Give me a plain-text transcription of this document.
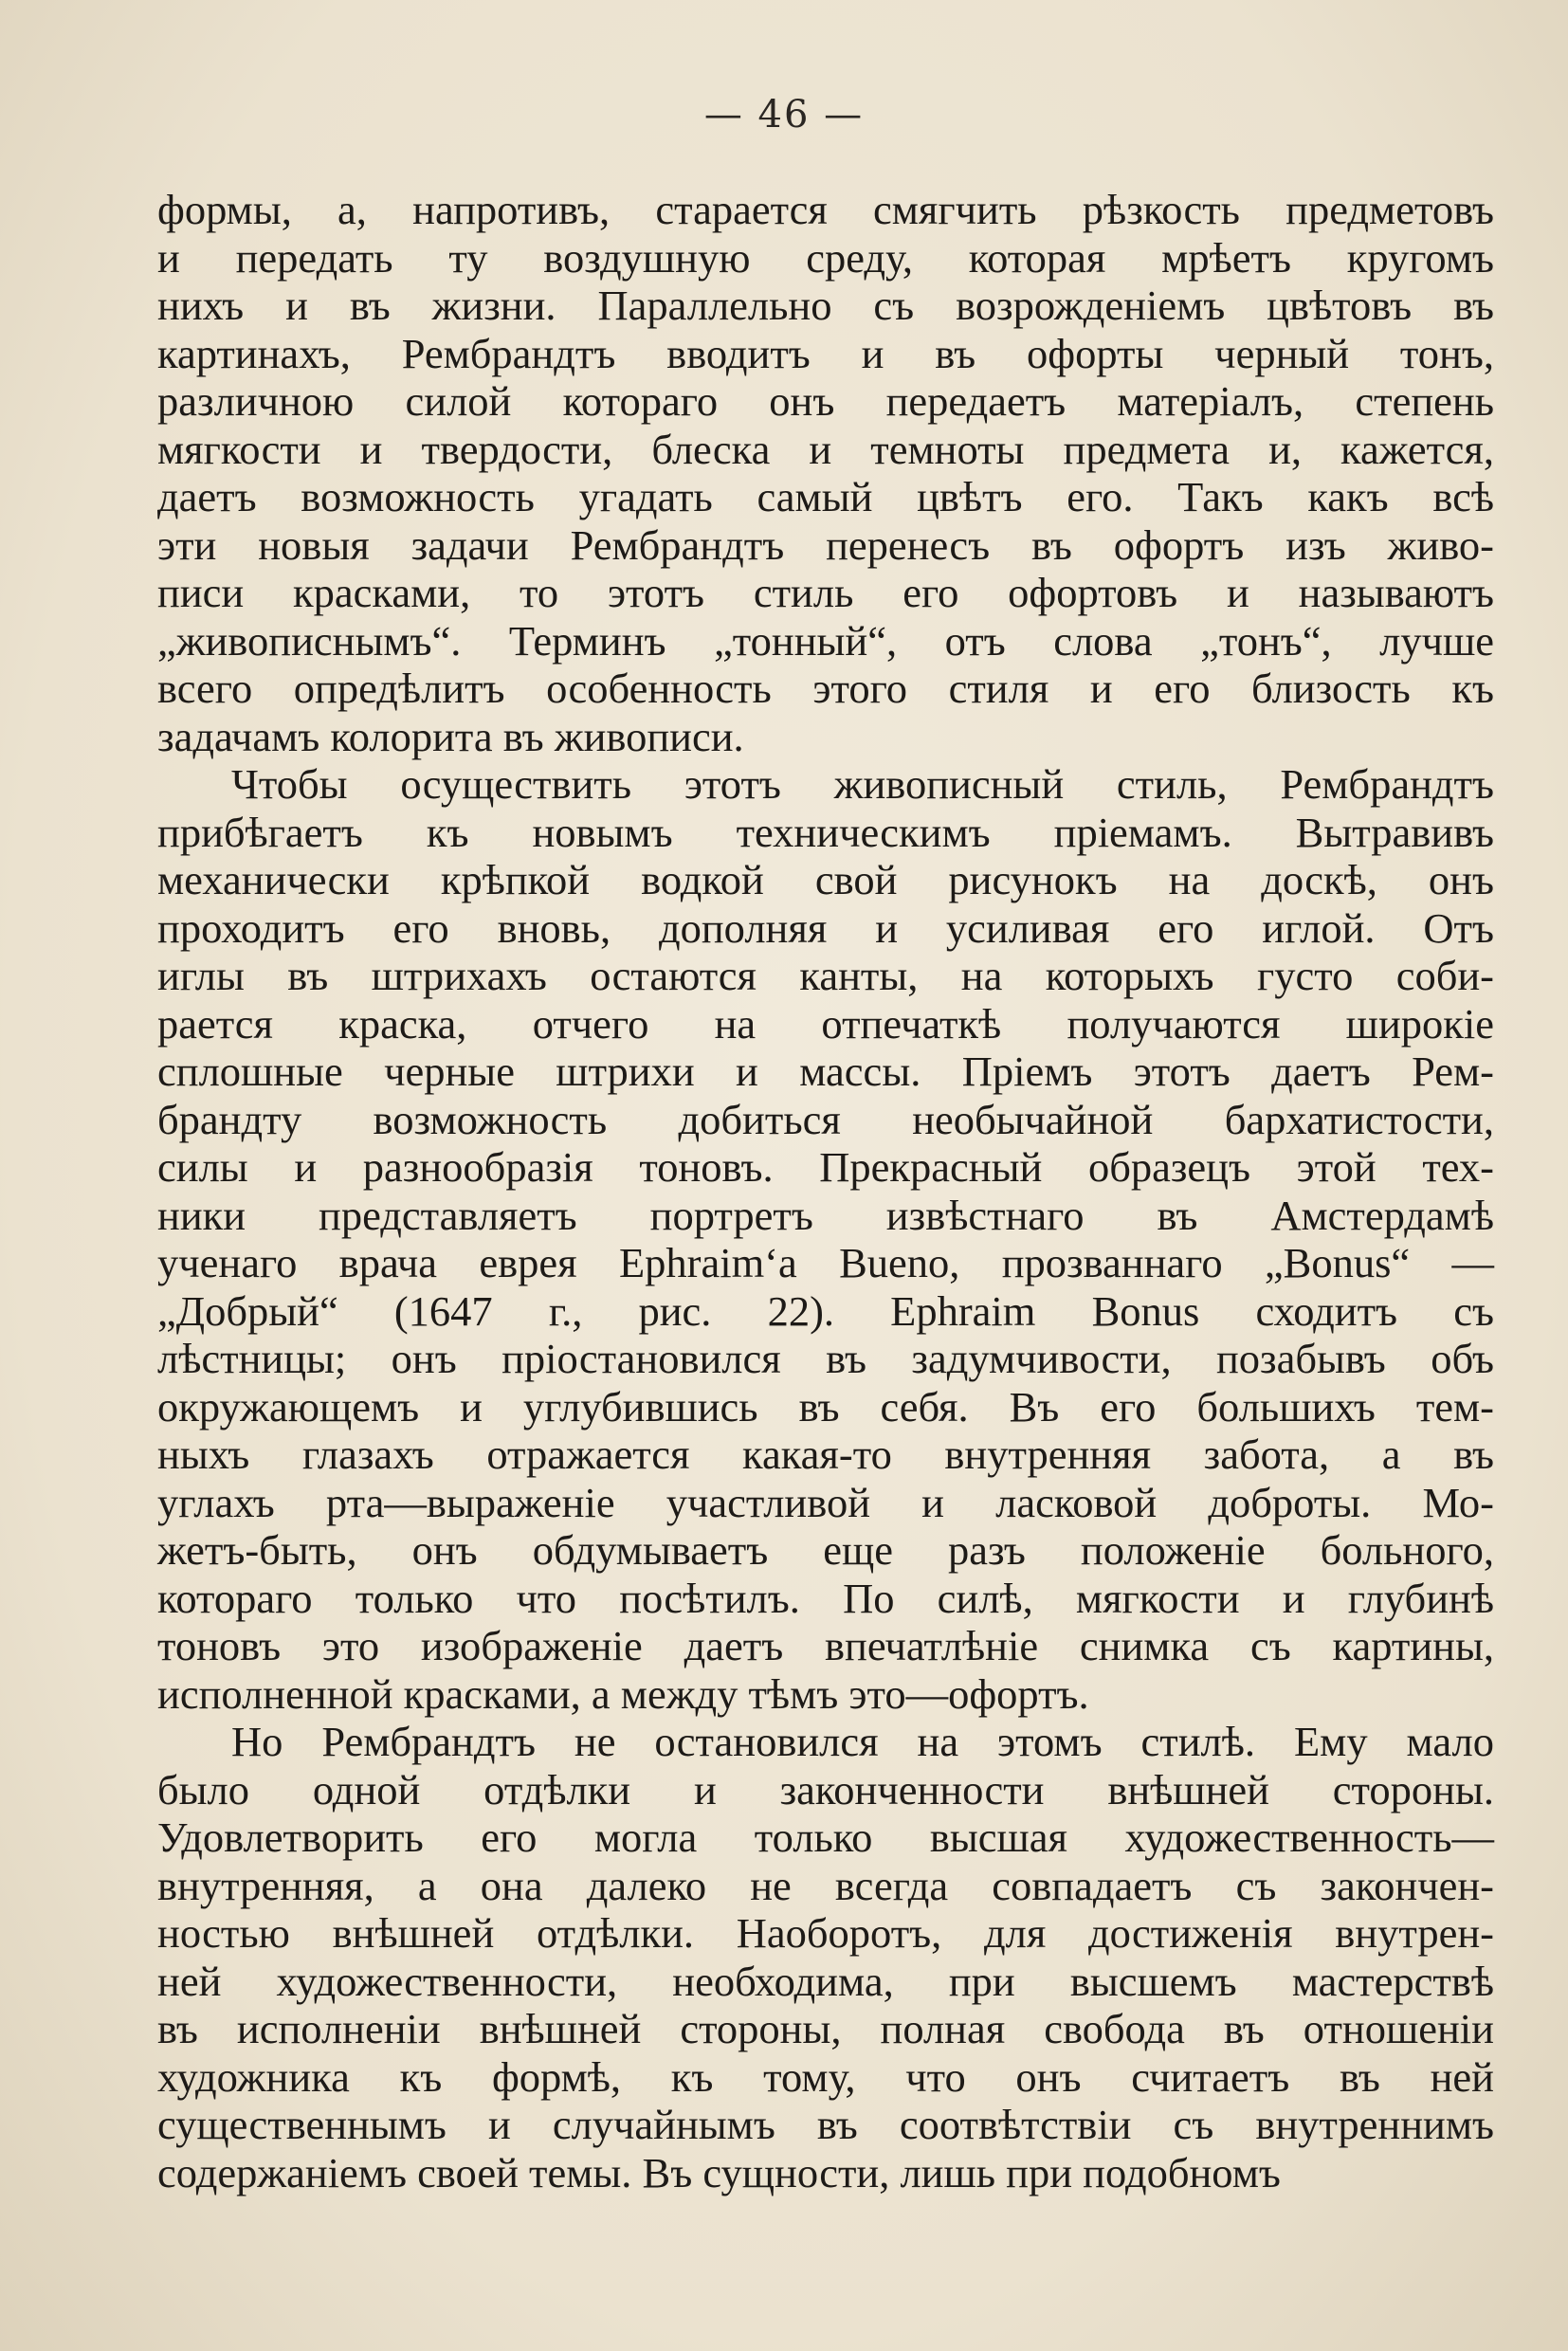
— 46 —
формы, а, напротивъ, старается смягчить рѣзкость предметовъ
и передать ту воздушную среду, которая мрѣетъ кругомъ
нихъ и въ жизни. Параллельно съ возрожденіемъ цвѣтовъ въ
картинахъ, Рембрандтъ вводитъ и въ офорты черный тонъ,
различною силой котораго онъ передаетъ матеріалъ, степень
мягкости и твердости, блеска и темноты предмета и, кажется,
даетъ возможность угадать самый цвѣтъ его. Такъ какъ всѣ
эти новыя задачи Рембрандтъ перенесъ въ офортъ изъ живо-
писи красками, то этотъ стиль его офортовъ и называютъ
„живописнымъ“. Терминъ „тонный“, отъ слова „тонъ“, лучше
всего опредѣлитъ особенность этого стиля и его близость къ
задачамъ колорита въ живописи.
Чтобы осуществить этотъ живописный стиль, Рембрандтъ
прибѣгаетъ къ новымъ техническимъ пріемамъ. Вытравивъ
механически крѣпкой водкой свой рисунокъ на доскѣ, онъ
проходитъ его вновь, дополняя и усиливая его иглой. Отъ
иглы въ штрихахъ остаются канты, на которыхъ густо соби-
рается краска, отчего на отпечаткѣ получаются широкіе
сплошные черные штрихи и массы. Пріемъ этотъ даетъ Рем-
брандту возможность добиться необычайной бархатистости,
силы и разнообразія тоновъ. Прекрасный образецъ этой тех-
ники представляетъ портретъ извѣстнаго въ Амстердамѣ
ученаго врача еврея Ephraim‘a Bueno, прозваннаго „Bonus“ —
„Добрый“ (1647 г., рис. 22). Ephraim Bonus сходитъ съ
лѣстницы; онъ пріостановился въ задумчивости, позабывъ объ
окружающемъ и углубившись въ себя. Въ его большихъ тем-
ныхъ глазахъ отражается какая-то внутренняя забота, а въ
углахъ рта—выраженіе участливой и ласковой доброты. Мо-
жетъ-быть, онъ обдумываетъ еще разъ положеніе больного,
котораго только что посѣтилъ. По силѣ, мягкости и глубинѣ
тоновъ это изображеніе даетъ впечатлѣніе снимка съ картины,
исполненной красками, а между тѣмъ это—офортъ.
Но Рембрандтъ не остановился на этомъ стилѣ. Ему мало
было одной отдѣлки и законченности внѣшней стороны.
Удовлетворить его могла только высшая художественность—
внутренняя, а она далеко не всегда совпадаетъ съ закончен-
ностью внѣшней отдѣлки. Наоборотъ, для достиженія внутрен-
ней художественности, необходима, при высшемъ мастерствѣ
въ исполненіи внѣшней стороны, полная свобода въ отношеніи
художника къ формѣ, къ тому, что онъ считаетъ въ ней
существеннымъ и случайнымъ въ соотвѣтствіи съ внутреннимъ
содержаніемъ своей темы. Въ сущности, лишь при подобномъ
